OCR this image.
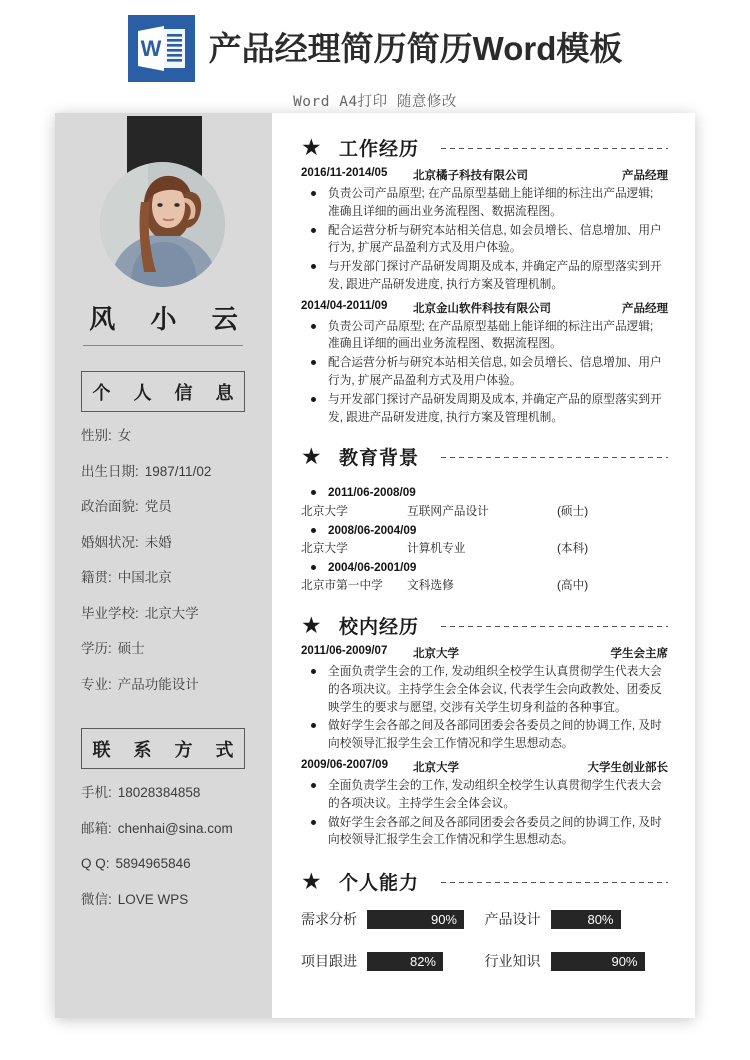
W 产品经理简历简历Word模板
Word A4打印 随意修改
风 小 云
个 人 信 息
性别: 女
出生日期: 1987/11/02
政治面貌: 党员
婚姻状况: 未婚
籍贯: 中国北京
毕业学校: 北京大学
学历: 硕士
专业: 产品功能设计
联 系 方 式
手机: 18028384858
邮箱: chenhai@sina.com
Q Q: 5894965846
微信: LOVE WPS
★ 工作经历
2016/11-2014/05	北京橘子科技有限公司	产品经理
负责公司产品原型; 在产品原型基础上能详细的标注出产品逻辑; 准确且详细的画出业务流程图、数据流程图。
配合运营分析与研究本站相关信息, 如会员增长、信息增加、用户行为, 扩展产品盈利方式及用户体验。
与开发部门探讨产品研发周期及成本, 并确定产品的原型落实到开发, 跟进产品研发进度, 执行方案及管理机制。
2014/04-2011/09	北京金山软件科技有限公司	产品经理
负责公司产品原型; 在产品原型基础上能详细的标注出产品逻辑; 准确且详细的画出业务流程图、数据流程图。
配合运营分析与研究本站相关信息, 如会员增长、信息增加、用户行为, 扩展产品盈利方式及用户体验。
与开发部门探讨产品研发周期及成本, 并确定产品的原型落实到开发, 跟进产品研发进度, 执行方案及管理机制。
★ 教育背景
2011/06-2008/09
北京大学	互联网产品设计	(硕士)
2008/06-2004/09
北京大学	计算机专业	(本科)
2004/06-2001/09
北京市第一中学	文科选修	(高中)
★ 校内经历
2011/06-2009/07	北京大学	学生会主席
全面负责学生会的工作, 发动组织全校学生认真贯彻学生代表大会的各项决议。主持学生会全体会议, 代表学生会向政教处、团委反映学生的要求与愿望, 交涉有关学生切身利益的各种事宜。
做好学生会各部之间及各部同团委会各委员之间的协调工作, 及时向校领导汇报学生会工作情况和学生思想动态。
2009/06-2007/09	北京大学	大学生创业部长
全面负责学生会的工作, 发动组织全校学生认真贯彻学生代表大会的各项决议。主持学生会全体会议。
做好学生会各部之间及各部同团委会各委员之间的协调工作, 及时向校领导汇报学生会工作情况和学生思想动态。
★ 个人能力
需求分析	90%	产品设计	80%
项目跟进	82%	行业知识	90%
